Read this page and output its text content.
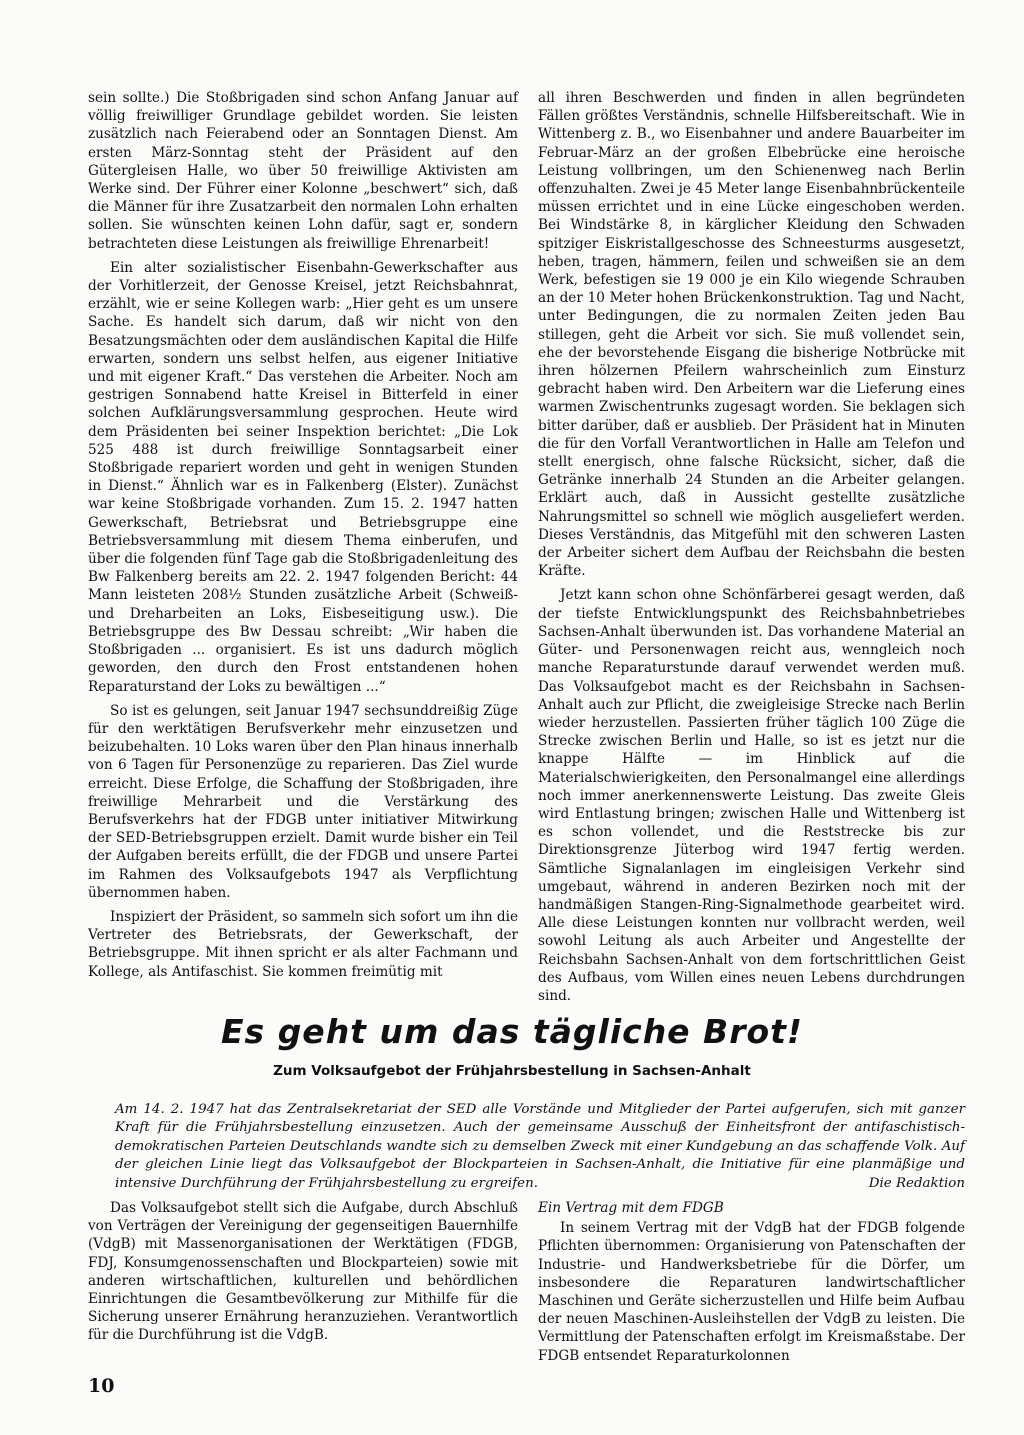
sein sollte.) Die Stoßbrigaden sind schon Anfang Januar auf völlig freiwilliger Grundlage gebildet worden. Sie leisten zusätzlich nach Feierabend oder an Sonntagen Dienst. Am ersten März-Sonntag steht der Präsident auf den Gütergleisen Halle, wo über 50 freiwillige Aktivisten am Werke sind. Der Führer einer Kolonne „beschwert“ sich, daß die Männer für ihre Zusatzarbeit den normalen Lohn erhalten sollen. Sie wünschten keinen Lohn dafür, sagt er, sondern betrachteten diese Leistungen als freiwillige Ehrenarbeit!

Ein alter sozialistischer Eisenbahn-Gewerkschafter aus der Vorhitlerzeit, der Genosse Kreisel, jetzt Reichsbahnrat, erzählt, wie er seine Kollegen warb: „Hier geht es um unsere Sache. Es handelt sich darum, daß wir nicht von den Besatzungsmächten oder dem ausländischen Kapital die Hilfe erwarten, sondern uns selbst helfen, aus eigener Initiative und mit eigener Kraft.“ Das verstehen die Arbeiter. Noch am gestrigen Sonnabend hatte Kreisel in Bitterfeld in einer solchen Aufklärungsversammlung gesprochen. Heute wird dem Präsidenten bei seiner Inspektion berichtet: „Die Lok 525 488 ist durch freiwillige Sonntagsarbeit einer Stoßbrigade repariert worden und geht in wenigen Stunden in Dienst.“ Ähnlich war es in Falkenberg (Elster). Zunächst war keine Stoßbrigade vorhanden. Zum 15. 2. 1947 hatten Gewerkschaft, Betriebsrat und Betriebsgruppe eine Betriebsversammlung mit diesem Thema einberufen, und über die folgenden fünf Tage gab die Stoßbrigadenleitung des Bw Falkenberg bereits am 22. 2. 1947 folgenden Bericht: 44 Mann leisteten 208½ Stunden zusätzliche Arbeit (Schweiß- und Dreharbeiten an Loks, Eisbeseitigung usw.). Die Betriebsgruppe des Bw Dessau schreibt: „Wir haben die Stoßbrigaden ... organisiert. Es ist uns dadurch möglich geworden, den durch den Frost entstandenen hohen Reparaturstand der Loks zu bewältigen ...“

So ist es gelungen, seit Januar 1947 sechsunddreißig Züge für den werktätigen Berufsverkehr mehr einzusetzen und beizubehalten. 10 Loks waren über den Plan hinaus innerhalb von 6 Tagen für Personenzüge zu reparieren. Das Ziel wurde erreicht. Diese Erfolge, die Schaffung der Stoßbrigaden, ihre freiwillige Mehrarbeit und die Verstärkung des Berufsverkehrs hat der FDGB unter initiativer Mitwirkung der SED-Betriebsgruppen erzielt. Damit wurde bisher ein Teil der Aufgaben bereits erfüllt, die der FDGB und unsere Partei im Rahmen des Volksaufgebots 1947 als Verpflichtung übernommen haben.

Inspiziert der Präsident, so sammeln sich sofort um ihn die Vertreter des Betriebsrats, der Gewerkschaft, der Betriebsgruppe. Mit ihnen spricht er als alter Fachmann und Kollege, als Antifaschist. Sie kommen freimütig mit

all ihren Beschwerden und finden in allen begründeten Fällen größtes Verständnis, schnelle Hilfsbereitschaft. Wie in Wittenberg z. B., wo Eisenbahner und andere Bauarbeiter im Februar-März an der großen Elbebrücke eine heroische Leistung vollbringen, um den Schienenweg nach Berlin offenzuhalten. Zwei je 45 Meter lange Eisenbahnbrückenteile müssen errichtet und in eine Lücke eingeschoben werden. Bei Windstärke 8, in kärglicher Kleidung den Schwaden spitziger Eiskristallgeschosse des Schneesturms ausgesetzt, heben, tragen, hämmern, feilen und schweißen sie an dem Werk, befestigen sie 19 000 je ein Kilo wiegende Schrauben an der 10 Meter hohen Brückenkonstruktion. Tag und Nacht, unter Bedingungen, die zu normalen Zeiten jeden Bau stillegen, geht die Arbeit vor sich. Sie muß vollendet sein, ehe der bevorstehende Eisgang die bisherige Notbrücke mit ihren hölzernen Pfeilern wahrscheinlich zum Einsturz gebracht haben wird. Den Arbeitern war die Lieferung eines warmen Zwischentrunks zugesagt worden. Sie beklagen sich bitter darüber, daß er ausblieb. Der Präsident hat in Minuten die für den Vorfall Verantwortlichen in Halle am Telefon und stellt energisch, ohne falsche Rücksicht, sicher, daß die Getränke innerhalb 24 Stunden an die Arbeiter gelangen. Erklärt auch, daß in Aussicht gestellte zusätzliche Nahrungsmittel so schnell wie möglich ausgeliefert werden. Dieses Verständnis, das Mitgefühl mit den schweren Lasten der Arbeiter sichert dem Aufbau der Reichsbahn die besten Kräfte.

Jetzt kann schon ohne Schönfärberei gesagt werden, daß der tiefste Entwicklungspunkt des Reichsbahnbetriebes Sachsen-Anhalt überwunden ist. Das vorhandene Material an Güter- und Personenwagen reicht aus, wenngleich noch manche Reparaturstunde darauf verwendet werden muß. Das Volksaufgebot macht es der Reichsbahn in Sachsen-Anhalt auch zur Pflicht, die zweigleisige Strecke nach Berlin wieder herzustellen. Passierten früher täglich 100 Züge die Strecke zwischen Berlin und Halle, so ist es jetzt nur die knappe Hälfte — im Hinblick auf die Materialschwierigkeiten, den Personalmangel eine allerdings noch immer anerkennenswerte Leistung. Das zweite Gleis wird Entlastung bringen; zwischen Halle und Wittenberg ist es schon vollendet, und die Reststrecke bis zur Direktionsgrenze Jüterbog wird 1947 fertig werden. Sämtliche Signalanlagen im eingleisigen Verkehr sind umgebaut, während in anderen Bezirken noch mit der handmäßigen Stangen-Ring-Signalmethode gearbeitet wird. Alle diese Leistungen konnten nur vollbracht werden, weil sowohl Leitung als auch Arbeiter und Angestellte der Reichsbahn Sachsen-Anhalt von dem fortschrittlichen Geist des Aufbaus, vom Willen eines neuen Lebens durchdrungen sind.

Es geht um das tägliche Brot!
Zum Volksaufgebot der Frühjahrsbestellung in Sachsen-Anhalt
Am 14. 2. 1947 hat das Zentralsekretariat der SED alle Vorstände und Mitglieder der Partei aufgerufen, sich mit ganzer Kraft für die Frühjahrsbestellung einzusetzen. Auch der gemeinsame Ausschuß der Einheitsfront der antifaschistisch-demokratischen Parteien Deutschlands wandte sich zu demselben Zweck mit einer Kundgebung an das schaffende Volk. Auf der gleichen Linie liegt das Volksaufgebot der Blockparteien in Sachsen-Anhalt, die Initiative für eine planmäßige und intensive Durchführung der Frühjahrsbestellung zu ergreifen.	Die Redaktion

Das Volksaufgebot stellt sich die Aufgabe, durch Abschluß von Verträgen der Vereinigung der gegenseitigen Bauernhilfe (VdgB) mit Massenorganisationen der Werktätigen (FDGB, FDJ, Konsumgenossenschaften und Blockparteien) sowie mit anderen wirtschaftlichen, kulturellen und behördlichen Einrichtungen die Gesamtbevölkerung zur Mithilfe für die Sicherung unserer Ernährung heranzuziehen. Verantwortlich für die Durchführung ist die VdgB.

Ein Vertrag mit dem FDGB

In seinem Vertrag mit der VdgB hat der FDGB folgende Pflichten übernommen: Organisierung von Patenschaften der Industrie- und Handwerksbetriebe für die Dörfer, um insbesondere die Reparaturen landwirtschaftlicher Maschinen und Geräte sicherzustellen und Hilfe beim Aufbau der neuen Maschinen-Ausleihstellen der VdgB zu leisten. Die Vermittlung der Patenschaften erfolgt im Kreismaßstabe. Der FDGB entsendet Reparaturkolonnen

10
